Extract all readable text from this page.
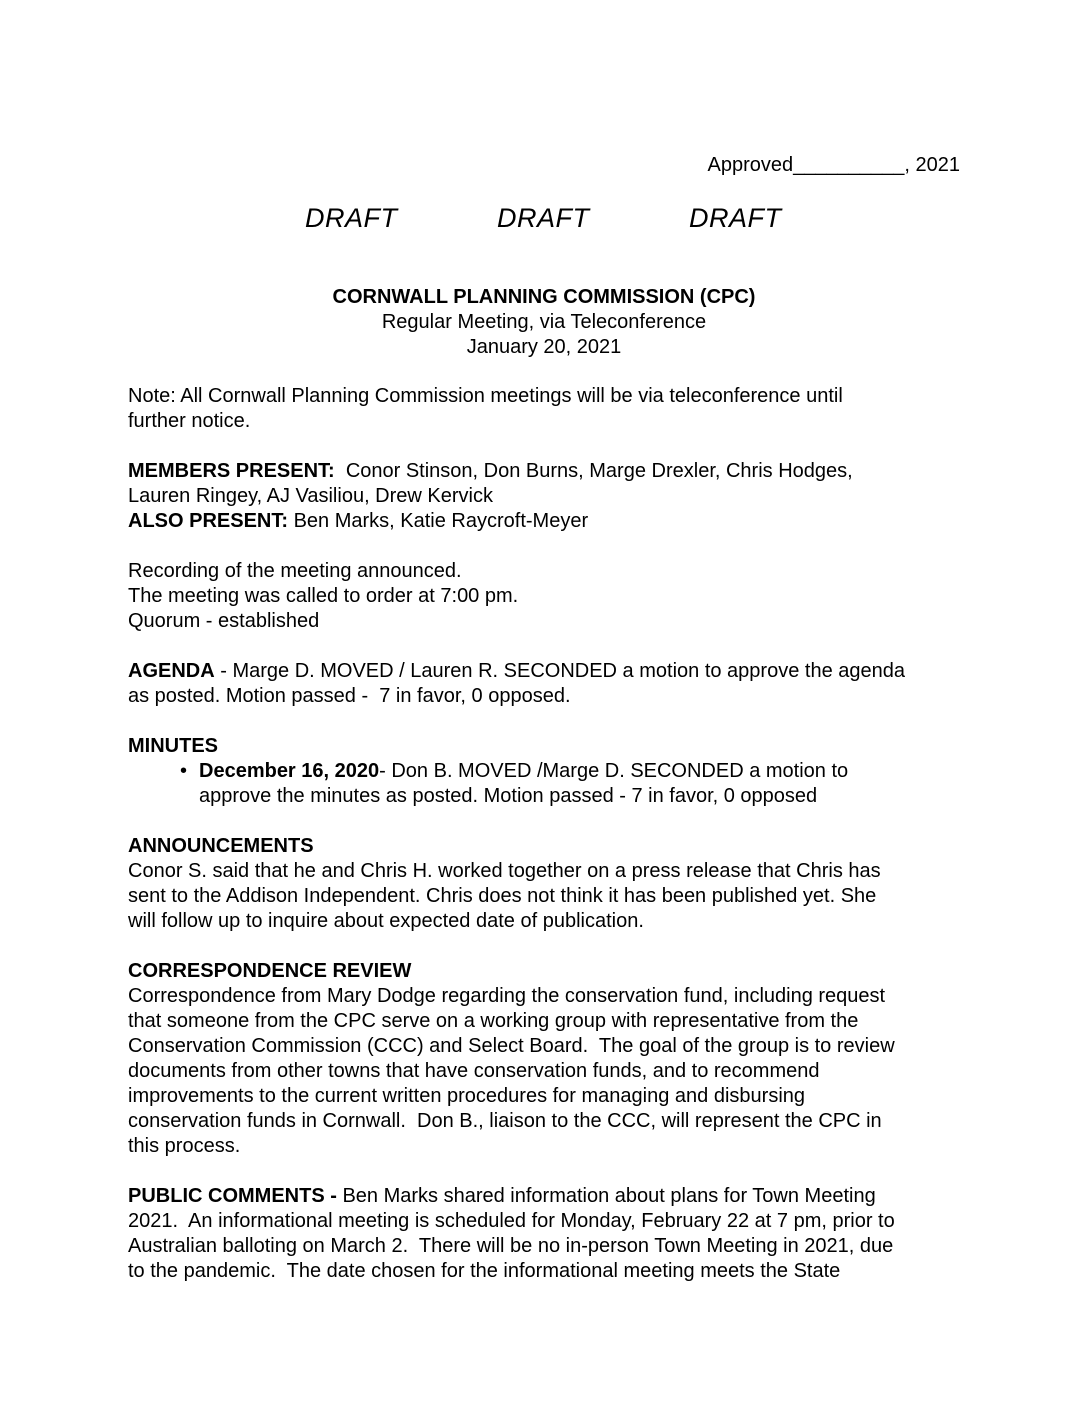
Approved__________, 2021
DRAFT	DRAFT	DRAFT
CORNWALL PLANNING COMMISSION (CPC)
Regular Meeting, via Teleconference
January 20, 2021
Note: All Cornwall Planning Commission meetings will be via teleconference until
further notice.
MEMBERS PRESENT:  Conor Stinson, Don Burns, Marge Drexler, Chris Hodges,
Lauren Ringey, AJ Vasiliou, Drew Kervick
ALSO PRESENT: Ben Marks, Katie Raycroft-Meyer
Recording of the meeting announced.
The meeting was called to order at 7:00 pm.
Quorum - established
AGENDA - Marge D. MOVED / Lauren R. SECONDED a motion to approve the agenda
as posted. Motion passed -  7 in favor, 0 opposed.
MINUTES
• December 16, 2020- Don B. MOVED /Marge D. SECONDED a motion to
approve the minutes as posted. Motion passed - 7 in favor, 0 opposed
ANNOUNCEMENTS
Conor S. said that he and Chris H. worked together on a press release that Chris has
sent to the Addison Independent. Chris does not think it has been published yet. She
will follow up to inquire about expected date of publication.
CORRESPONDENCE REVIEW
Correspondence from Mary Dodge regarding the conservation fund, including request
that someone from the CPC serve on a working group with representative from the
Conservation Commission (CCC) and Select Board.  The goal of the group is to review
documents from other towns that have conservation funds, and to recommend
improvements to the current written procedures for managing and disbursing
conservation funds in Cornwall.  Don B., liaison to the CCC, will represent the CPC in
this process.
PUBLIC COMMENTS - Ben Marks shared information about plans for Town Meeting
2021.  An informational meeting is scheduled for Monday, February 22 at 7 pm, prior to
Australian balloting on March 2.  There will be no in-person Town Meeting in 2021, due
to the pandemic.  The date chosen for the informational meeting meets the State
